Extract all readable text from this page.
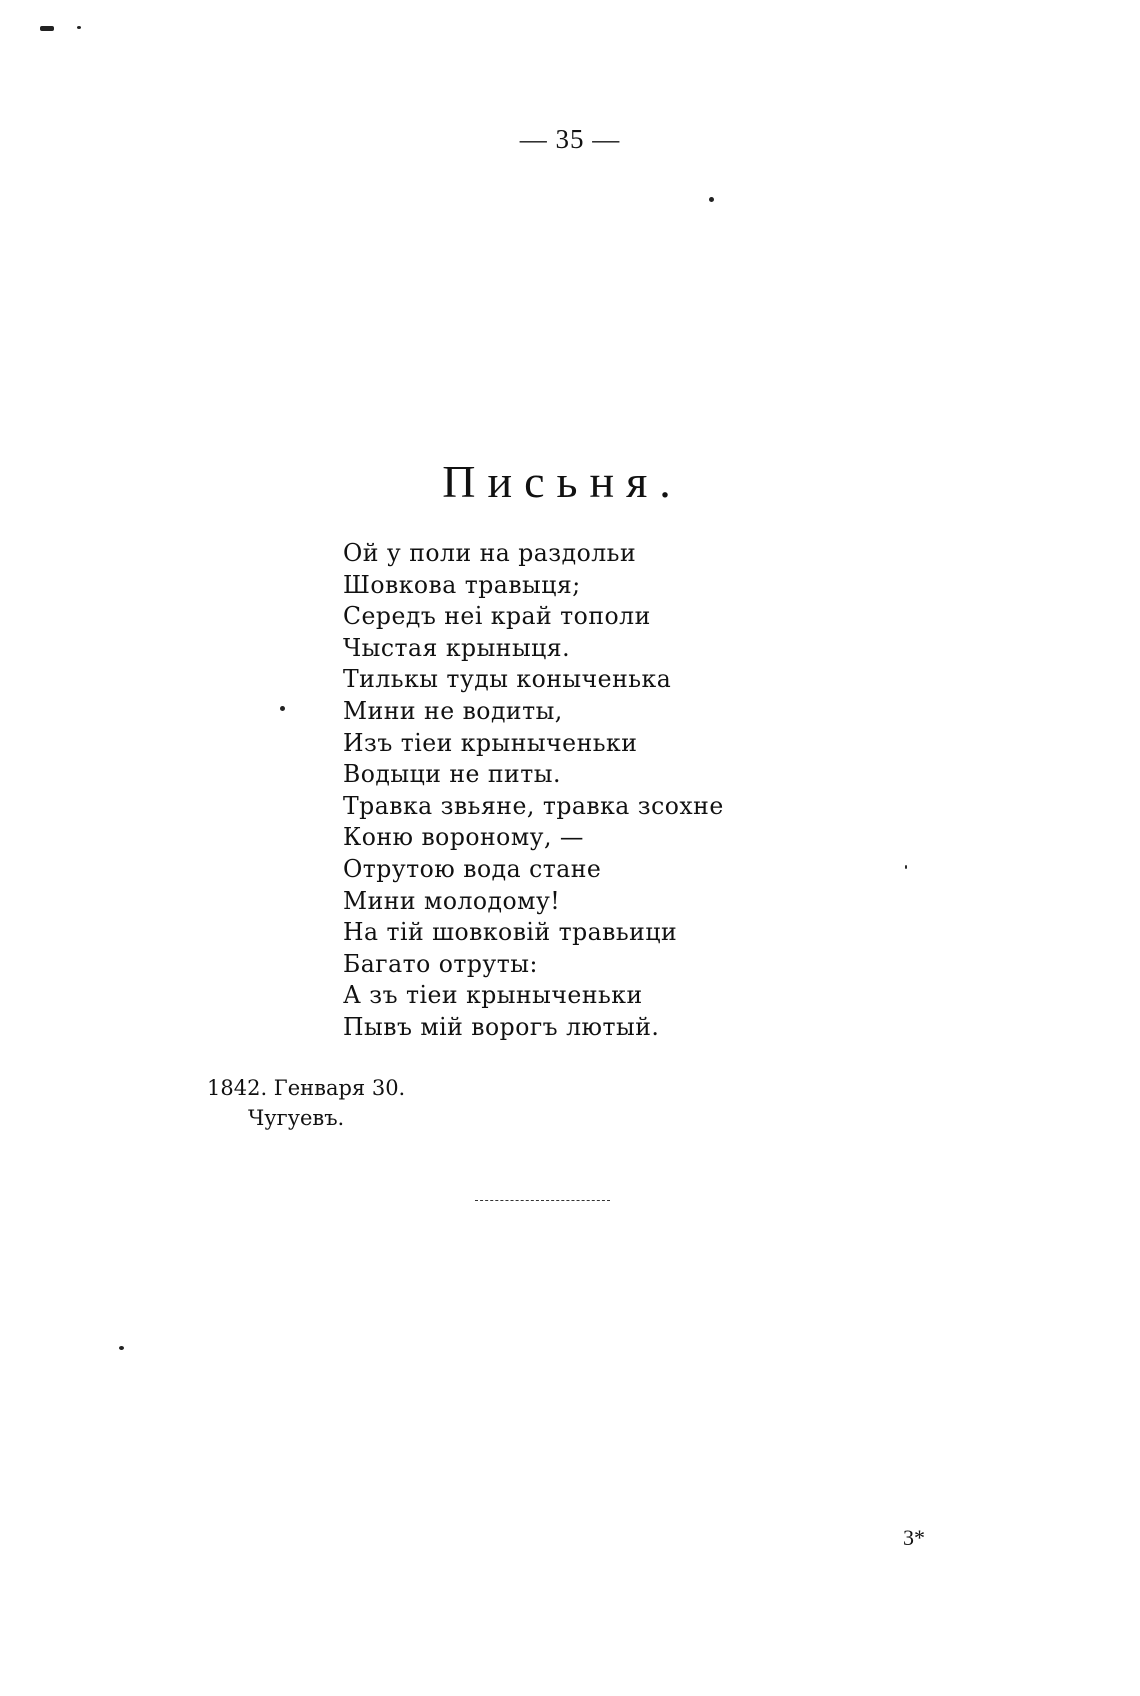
— 35 —
Письня.
Ой у поли на раздольи
Шовкова травыця;
Середъ неі край тополи
Чыстая крыныця.
Тильк​ы туды коныченька
Мини не водиты,
Изъ тіеи крыныченьки
Водыци не питы.
Травка звьяне, травка зсохне
Коню вороному, —
Отрутою вода стане
Мини молодому!
На тій шовковій травьици
Багато отруты:
А зъ тіеи крыныченьки
Пывъ мій ворогъ лютый.
1842. Генваря 30.
Чугуевъ.
3*
